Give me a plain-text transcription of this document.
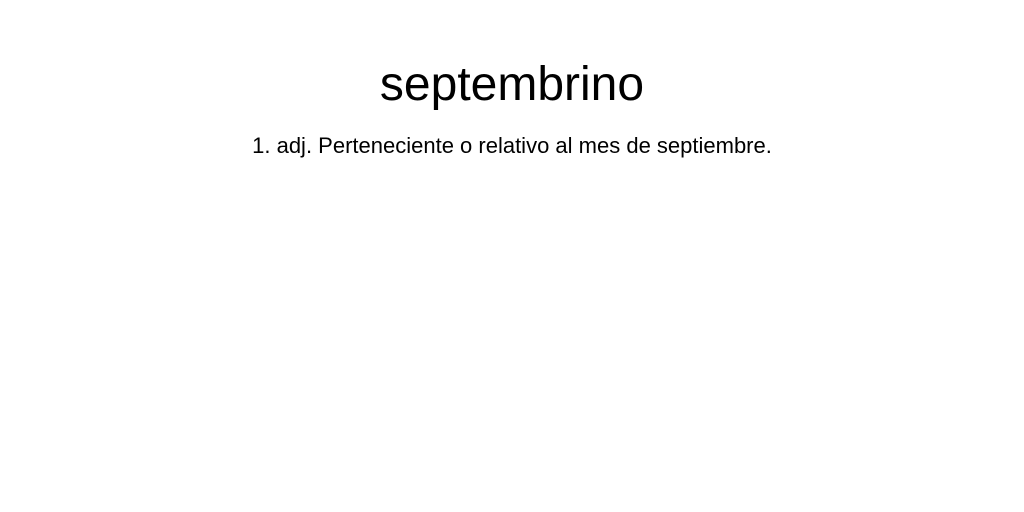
septembrino

1. adj. Perteneciente o relativo al mes de septiembre.
